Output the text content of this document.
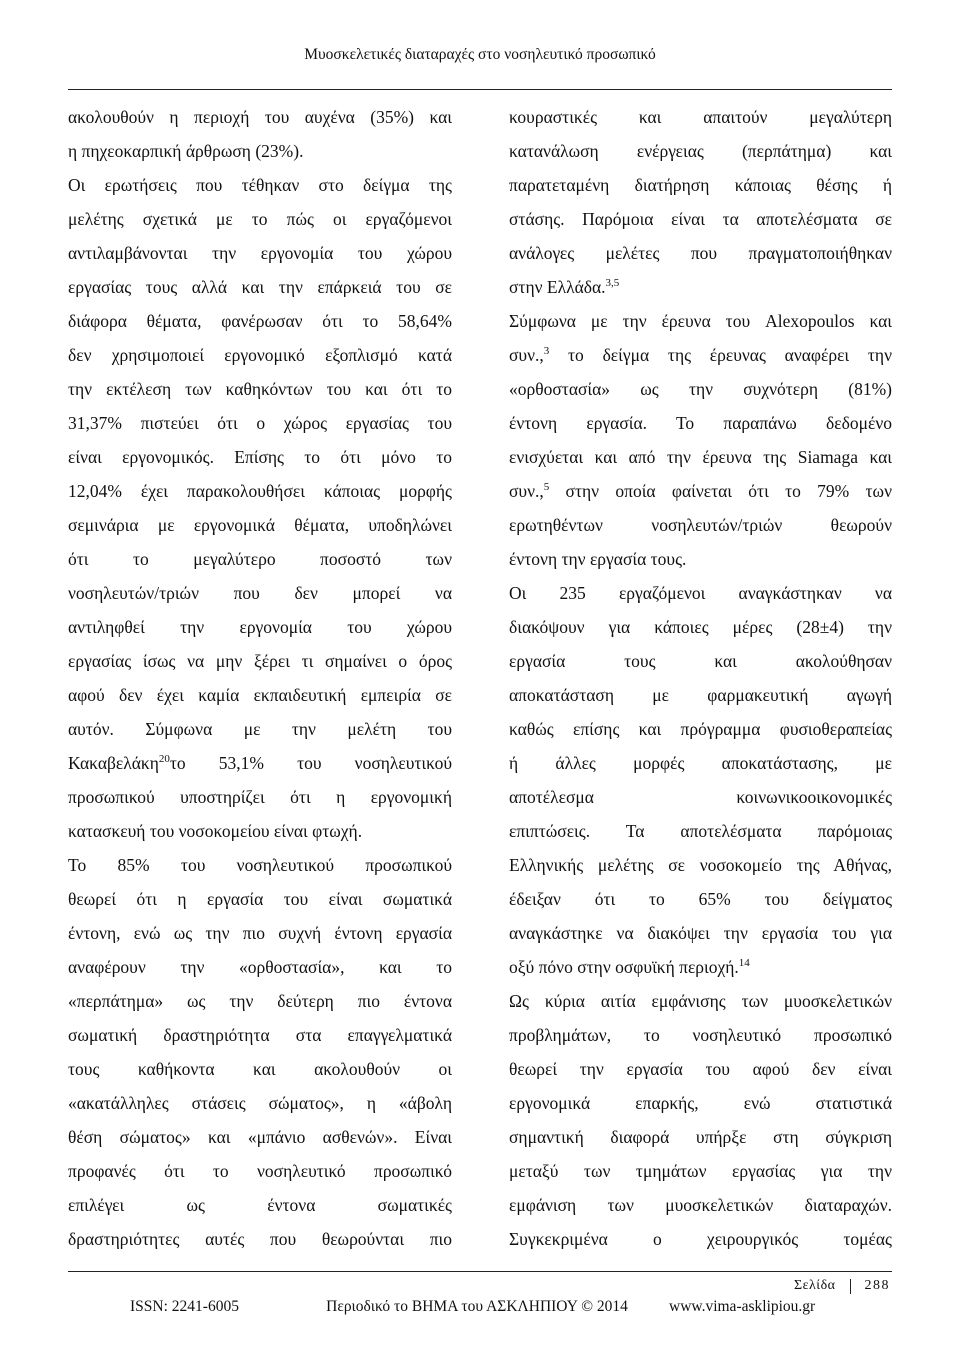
Μυοσκελετικές διαταραχές στο νοσηλευτικό προσωπικό
ακολουθούν η περιοχή του αυχένα (35%) και
η πηχεοκαρπική άρθρωση (23%).
Οι ερωτήσεις που τέθηκαν στο δείγμα της
μελέτης σχετικά με το πώς οι εργαζόμενοι
αντιλαμβάνονται την εργονομία του χώρου
εργασίας τους αλλά και την επάρκειά του σε
διάφορα θέματα, φανέρωσαν ότι το 58,64%
δεν χρησιμοποιεί εργονομικό εξοπλισμό κατά
την εκτέλεση των καθηκόντων του και ότι το
31,37% πιστεύει ότι ο χώρος εργασίας του
είναι εργονομικός. Επίσης το ότι μόνο το
12,04% έχει παρακολουθήσει κάποιας μορφής
σεμινάρια με εργονομικά θέματα, υποδηλώνει
ότι το μεγαλύτερο ποσοστό των
νοσηλευτών/τριών που δεν μπορεί να
αντιληφθεί την εργονομία του χώρου
εργασίας ίσως να μην ξέρει τι σημαίνει ο όρος
αφού δεν έχει καμία εκπαιδευτική εμπειρία σε
αυτόν. Σύμφωνα με την μελέτη του
Κακαβελάκη$^{20}$το 53,1% του νοσηλευτικού
προσωπικού υποστηρίζει ότι η εργονομική
κατασκευή του νοσοκομείου είναι φτωχή.
Το 85% του νοσηλευτικού προσωπικού
θεωρεί ότι η εργασία του είναι σωματικά
έντονη, ενώ ως την πιο συχνή έντονη εργασία
αναφέρουν την «ορθοστασία», και το
«περπάτημα» ως την δεύτερη πιο έντονα
σωματική δραστηριότητα στα επαγγελματικά
τους καθήκοντα και ακολουθούν οι
«ακατάλληλες στάσεις σώματος», η «άβολη
θέση σώματος» και «μπάνιο ασθενών». Είναι
προφανές ότι το νοσηλευτικό προσωπικό
επιλέγει ως έντονα σωματικές
δραστηριότητες αυτές που θεωρούνται πιο
κουραστικές και απαιτούν μεγαλύτερη
κατανάλωση ενέργειας (περπάτημα) και
παρατεταμένη διατήρηση κάποιας θέσης ή
στάσης. Παρόμοια είναι τα αποτελέσματα σε
ανάλογες μελέτες που πραγματοποιήθηκαν
στην Ελλάδα.$^{3,5}$
Σύμφωνα με την έρευνα του Alexopoulos και
συν.,$^3$ το δείγμα της έρευνας αναφέρει την
«ορθοστασία» ως την συχνότερη (81%)
έντονη εργασία. Το παραπάνω δεδομένο
ενισχύεται και από την έρευνα της Siamaga και
συν.,$^5$ στην οποία φαίνεται ότι το 79% των
ερωτηθέντων νοσηλευτών/τριών θεωρούν
έντονη την εργασία τους.
Οι 235 εργαζόμενοι αναγκάστηκαν να
διακόψουν για κάποιες μέρες (28±4) την
εργασία τους και ακολούθησαν
αποκατάσταση με φαρμακευτική αγωγή
καθώς επίσης και πρόγραμμα φυσιοθεραπείας
ή άλλες μορφές αποκατάστασης, με
αποτέλεσμα κοινωνικοοικονομικές
επιπτώσεις. Τα αποτελέσματα παρόμοιας
Ελληνικής μελέτης σε νοσοκομείο της Αθήνας,
έδειξαν ότι το 65% του δείγματος
αναγκάστηκε να διακόψει την εργασία του για
οξύ πόνο στην οσφυϊκή περιοχή.$^{14}$
Ως κύρια αιτία εμφάνισης των μυοσκελετικών
προβλημάτων, το νοσηλευτικό προσωπικό
θεωρεί την εργασία του αφού δεν είναι
εργονομικά επαρκής, ενώ στατιστικά
σημαντική διαφορά υπήρξε στη σύγκριση
μεταξύ των τμημάτων εργασίας για την
εμφάνιση των μυοσκελετικών διαταραχών.
Συγκεκριμένα ο χειρουργικός τομέας
Σελίδα 288
ISSN: 2241-6005	Περιοδικό το ΒΗΜΑ του ΑΣΚΛΗΠΙΟΥ © 2014	www.vima-asklipiou.gr
